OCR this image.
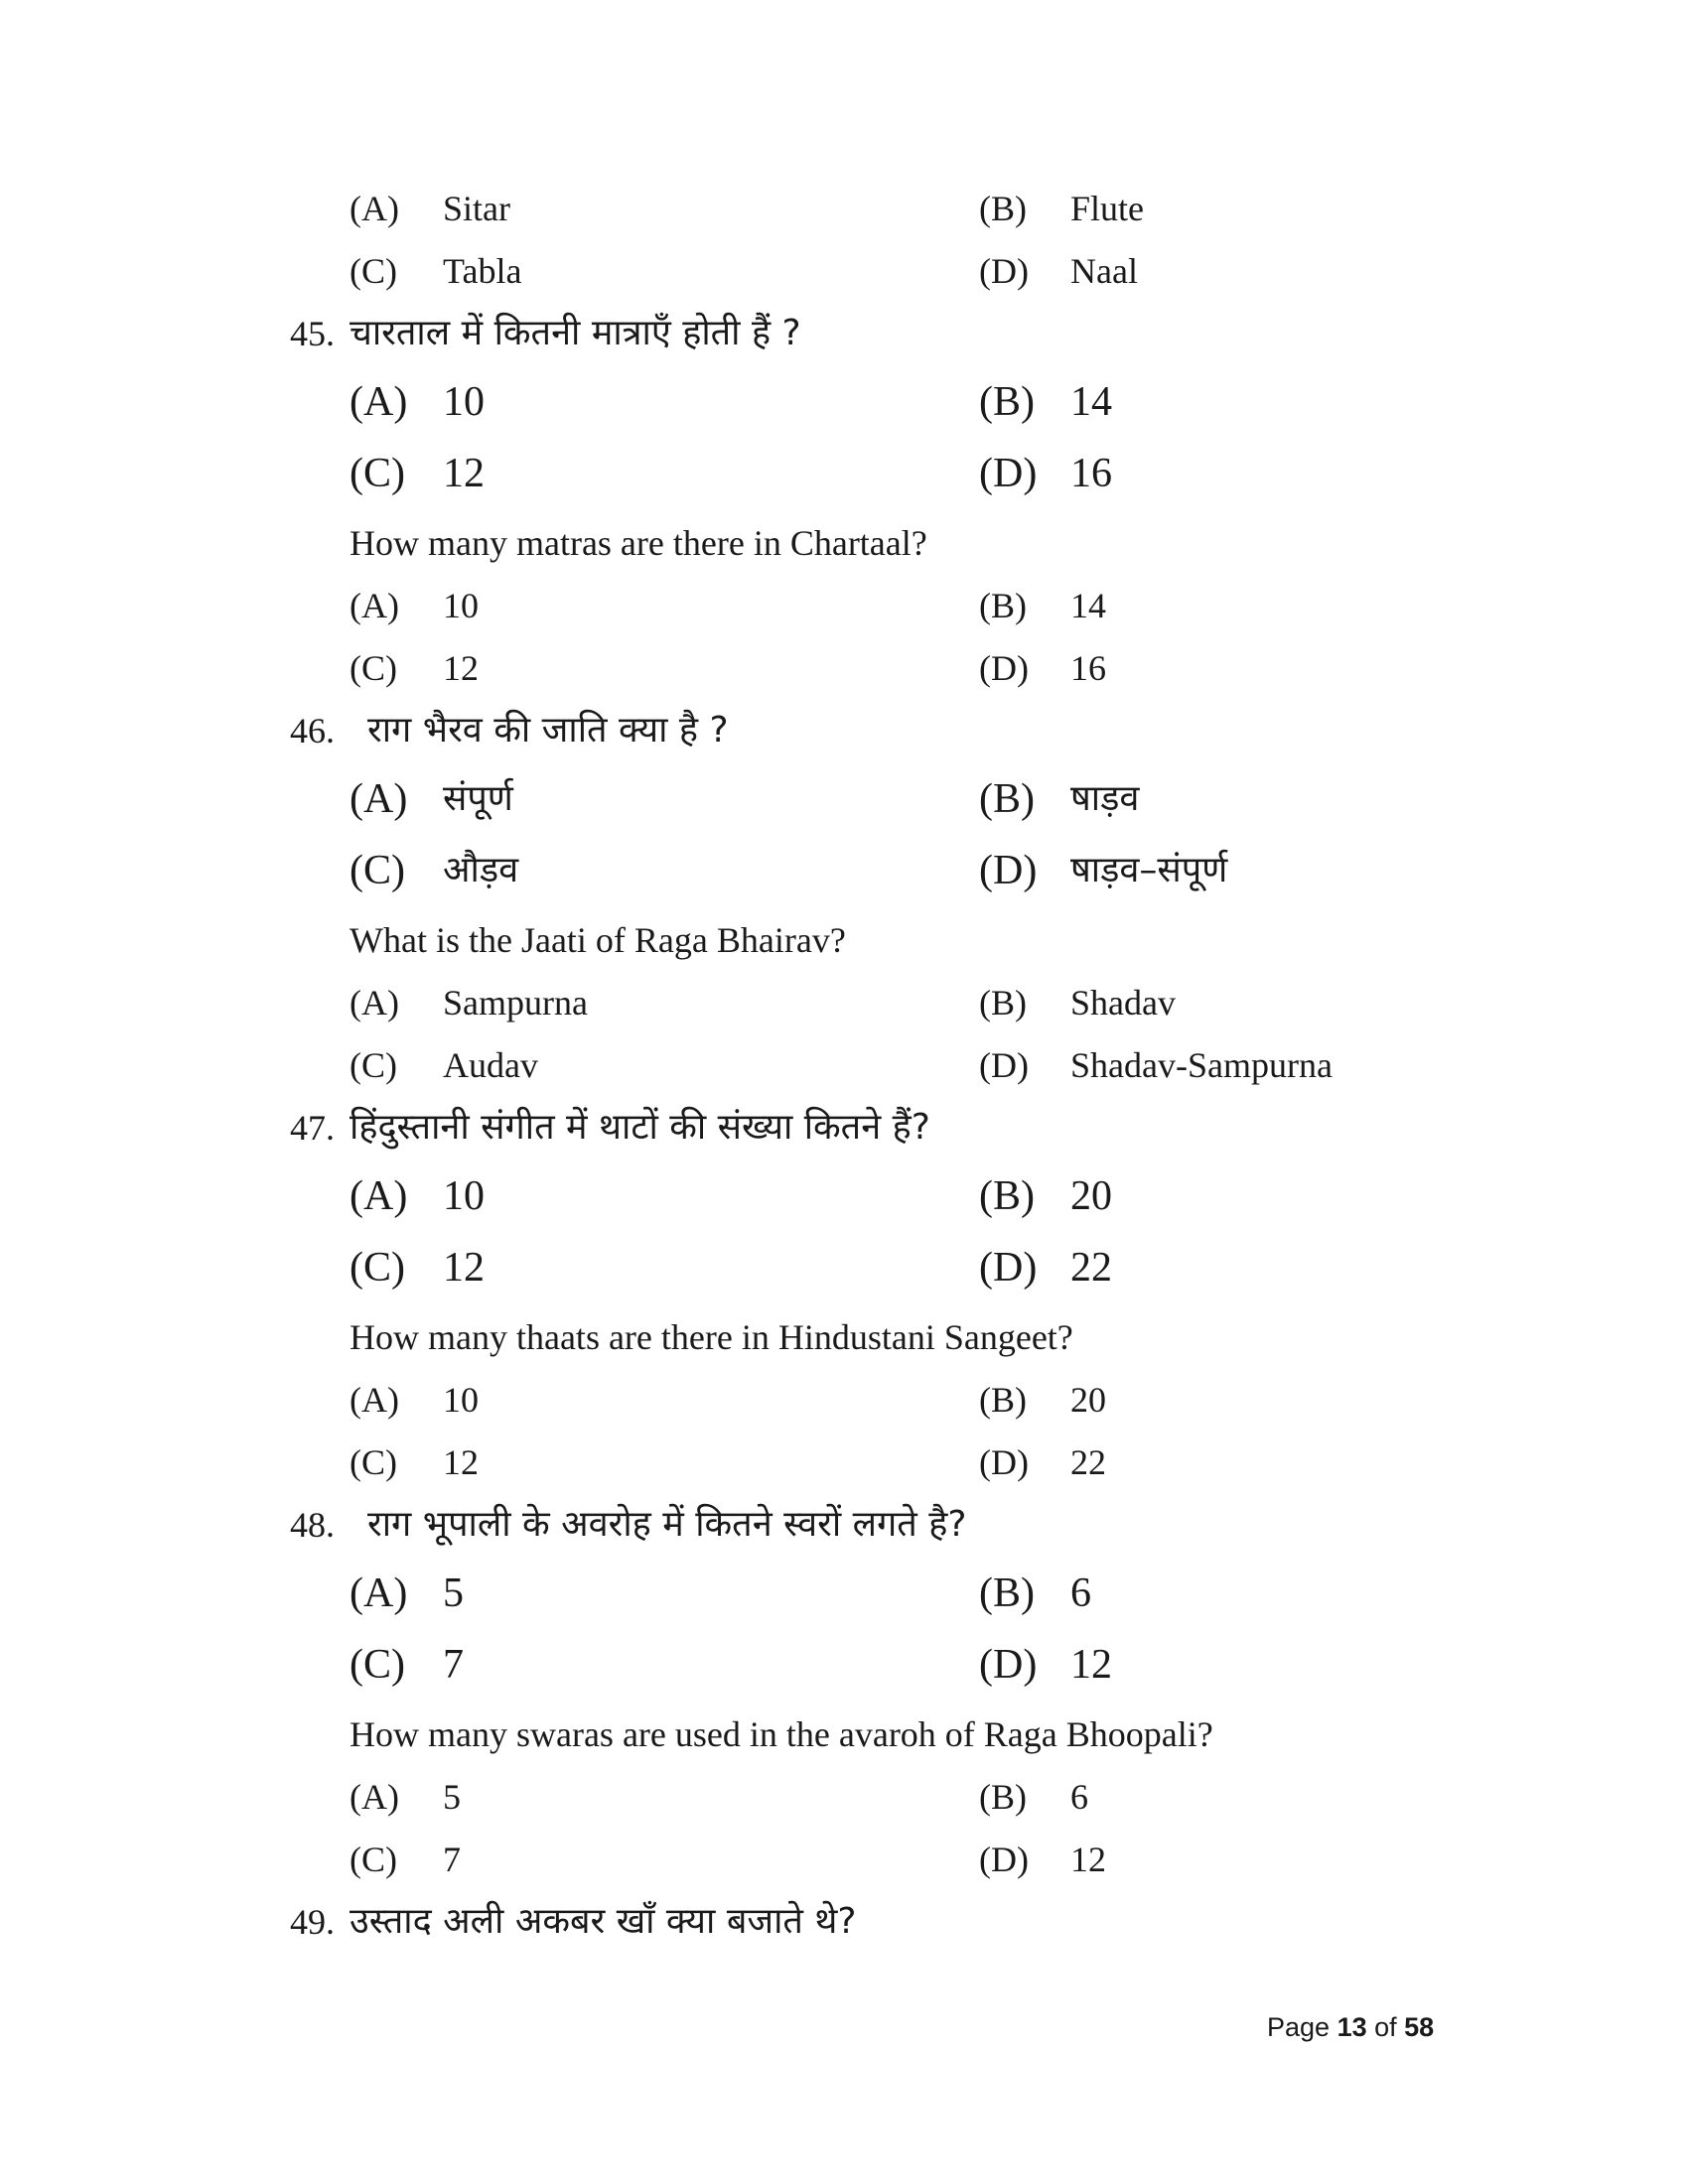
(A) Sitar	(B) Flute
(C) Tabla	(D) Naal
45. चारताल में कितनी मात्राएँ होती हैं ?
(A) 10	(B) 14
(C) 12	(D) 16
How many matras are there in Chartaal?
(A) 10	(B) 14
(C) 12	(D) 16
46. राग भैरव की जाति क्या है ?
(A) संपूर्ण	(B) षाड़व
(C) औड़व	(D) षाड़व–संपूर्ण
What is the Jaati of Raga Bhairav?
(A) Sampurna	(B) Shadav
(C) Audav	(D) Shadav-Sampurna
47. हिंदुस्तानी संगीत में थाटों की संख्या कितने हैं?
(A) 10	(B) 20
(C) 12	(D) 22
How many thaats are there in Hindustani Sangeet?
(A) 10	(B) 20
(C) 12	(D) 22
48. राग भूपाली के अवरोह में कितने स्वरों लगते है?
(A) 5	(B) 6
(C) 7	(D) 12
How many swaras are used in the avaroh of Raga Bhoopali?
(A) 5	(B) 6
(C) 7	(D) 12
49. उस्ताद अली अकबर खाँ क्या बजाते थे?
Page 13 of 58
